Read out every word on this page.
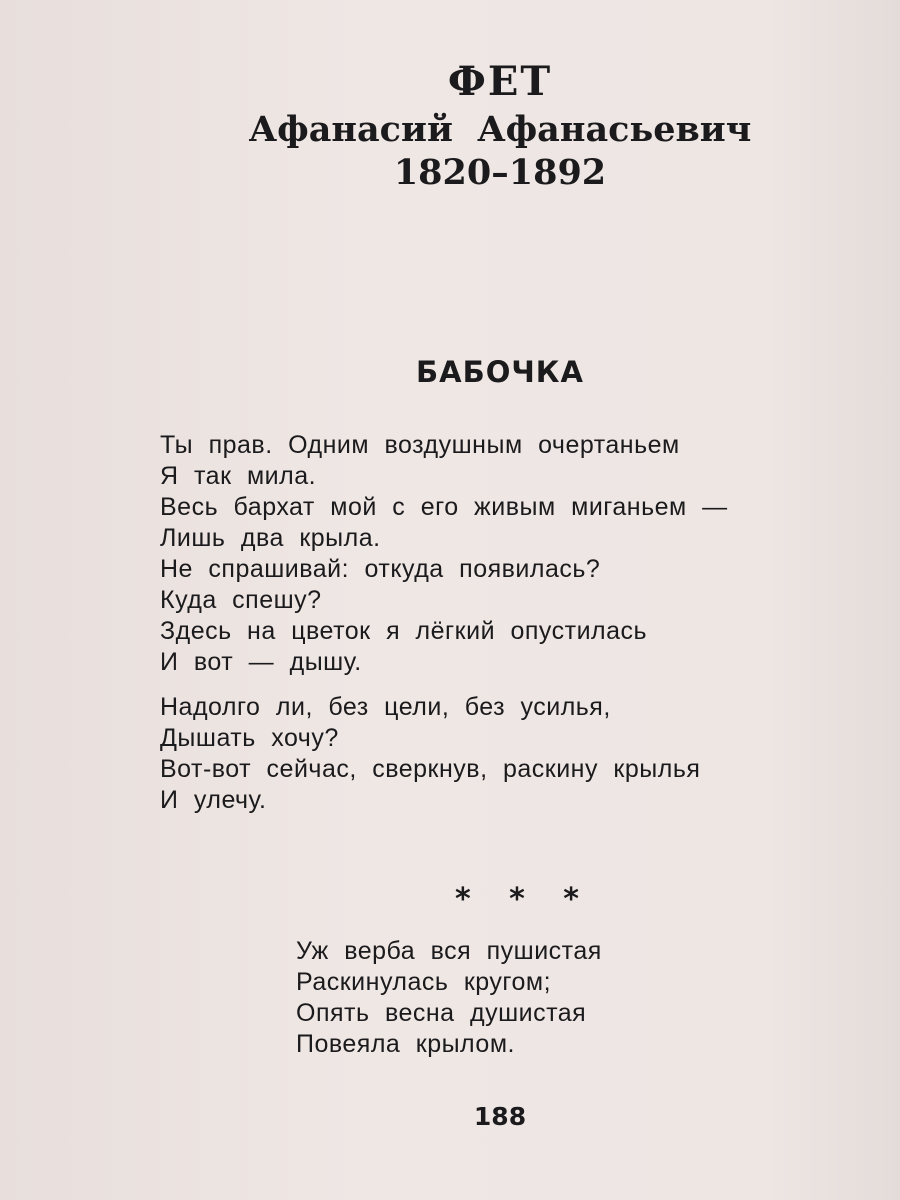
ФЕТ
Афанасий Афанасьевич
1820–1892
БАБОЧКА
Ты прав. Одним воздушным очертаньем
Я так мила.
Весь бархат мой с его живым миганьем —
Лишь два крыла.
Не спрашивай: откуда появилась?
Куда спешу?
Здесь на цветок я лёгкий опустилась
И вот — дышу.
Надолго ли, без цели, без усилья,
Дышать хочу?
Вот-вот сейчас, сверкнув, раскину крылья
И улечу.
* * *
Уж верба вся пушистая
Раскинулась кругом;
Опять весна душистая
Повеяла крылом.
188
